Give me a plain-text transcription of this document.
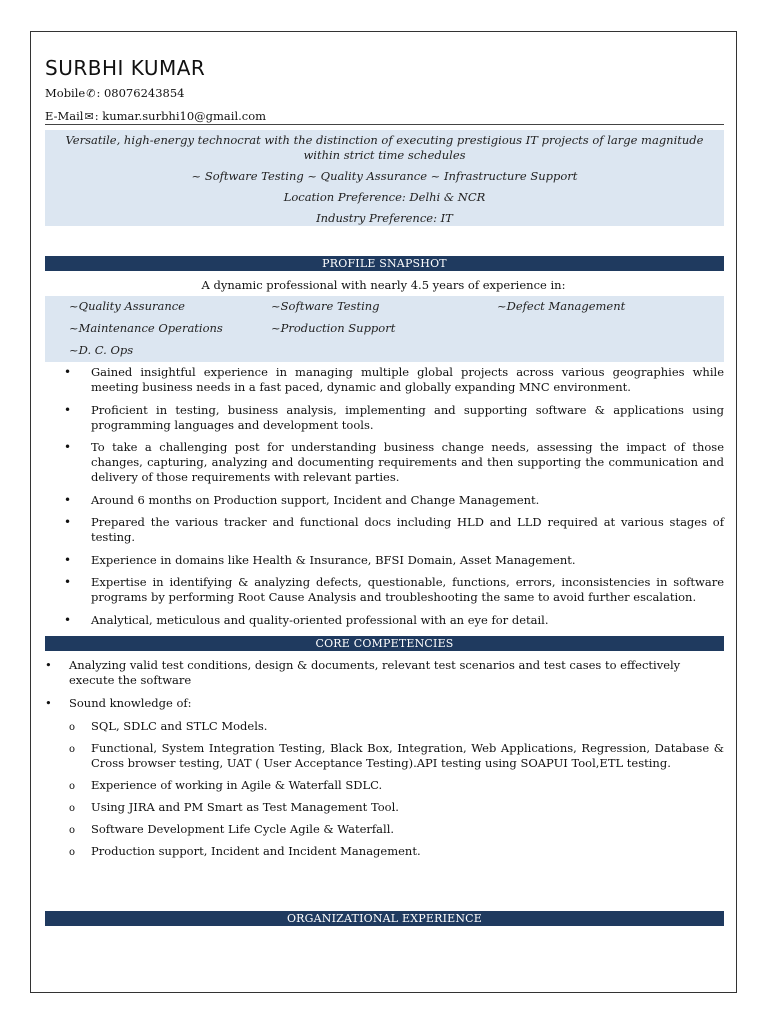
SURBHI KUMAR
Mobile✆: 08076243854
E-Mail✉: kumar.surbhi10@gmail.com
Versatile, high-energy technocrat with the distinction of executing prestigious IT projects of large magnitude within strict time schedules
~ Software Testing ~ Quality Assurance ~ Infrastructure Support
Location Preference: Delhi & NCR
Industry Preference: IT
PROFILE SNAPSHOT
A dynamic professional with nearly 4.5 years of experience in:
~Quality Assurance	~Software Testing	~Defect Management
~Maintenance Operations	~Production Support
~D. C. Ops
• Gained insightful experience in managing multiple global projects across various geographies while meeting business needs in a fast paced, dynamic and globally expanding MNC environment.
• Proficient in testing, business analysis, implementing and supporting software & applications using programming languages and development tools.
• To take a challenging post for understanding business change needs, assessing the impact of those changes, capturing, analyzing and documenting requirements and then supporting the communication and delivery of those requirements with relevant parties.
• Around 6 months on Production support, Incident and Change Management.
• Prepared the various tracker and functional docs including HLD and LLD required at various stages of testing.
• Experience in domains like Health & Insurance, BFSI Domain, Asset Management.
• Expertise in identifying & analyzing defects, questionable, functions, errors, inconsistencies in software programs by performing Root Cause Analysis and troubleshooting the same to avoid further escalation.
• Analytical, meticulous and quality-oriented professional with an eye for detail.
CORE COMPETENCIES
• Analyzing valid test conditions, design & documents, relevant test scenarios and test cases to effectively execute the software
• Sound knowledge of:
o SQL, SDLC and STLC Models.
o Functional, System Integration Testing, Black Box, Integration, Web Applications, Regression, Database & Cross browser testing, UAT ( User Acceptance Testing).API testing using SOAPUI Tool,ETL testing.
o Experience of working in Agile & Waterfall SDLC.
o Using JIRA and PM Smart as Test Management Tool.
o Software Development Life Cycle Agile & Waterfall.
o Production support, Incident and Incident Management.
ORGANIZATIONAL EXPERIENCE
